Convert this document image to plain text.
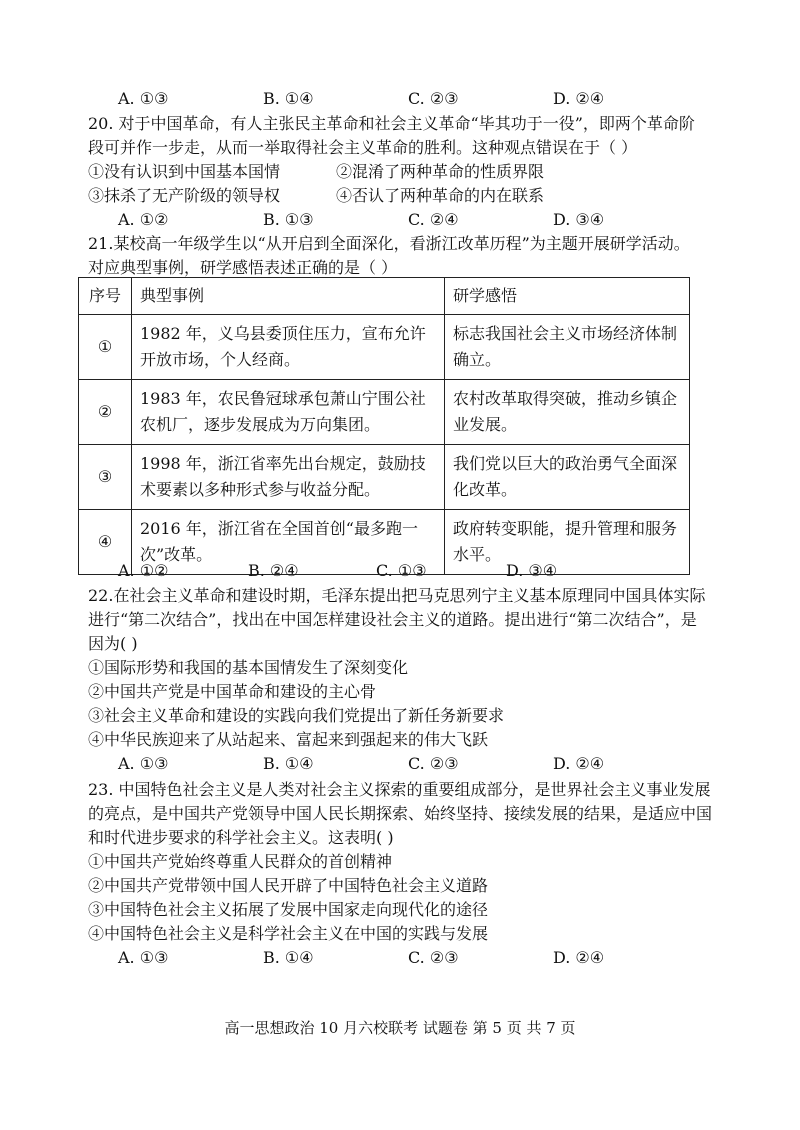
A. ①③	B. ①④	C. ②③	D. ②④
20. 对于中国革命，有人主张民主革命和社会主义革命“毕其功于一役”，即两个革命阶
段可并作一步走，从而一举取得社会主义革命的胜利。这种观点错误在于（ ）
①没有认识到中国基本国情	②混淆了两种革命的性质界限
③抹杀了无产阶级的领导权	④否认了两种革命的内在联系
A. ①②	B. ①③	C. ②④	D. ③④
21.某校高一年级学生以“从开启到全面深化，看浙江改革历程”为主题开展研学活动。
对应典型事例，研学感悟表述正确的是（ ）
序号	典型事例	研学感悟
①	1982 年，义乌县委顶住压力，宣布允许开放市场，个人经商。	标志我国社会主义市场经济体制确立。
②	1983 年，农民鲁冠球承包萧山宁围公社农机厂，逐步发展成为万向集团。	农村改革取得突破，推动乡镇企业发展。
③	1998 年，浙江省率先出台规定，鼓励技术要素以多种形式参与收益分配。	我们党以巨大的政治勇气全面深化改革。
④	2016 年，浙江省在全国首创“最多跑一次”改革。	政府转变职能，提升管理和服务水平。
A. ①②	B. ②④	C. ①③	D. ③④
22.在社会主义革命和建设时期，毛泽东提出把马克思列宁主义基本原理同中国具体实际
进行“第二次结合”，找出在中国怎样建设社会主义的道路。提出进行“第二次结合”，是
因为( )
①国际形势和我国的基本国情发生了深刻变化
②中国共产党是中国革命和建设的主心骨
③社会主义革命和建设的实践向我们党提出了新任务新要求
④中华民族迎来了从站起来、富起来到强起来的伟大飞跃
A. ①③	B. ①④	C. ②③	D. ②④
23. 中国特色社会主义是人类对社会主义探索的重要组成部分，是世界社会主义事业发展
的亮点，是中国共产党领导中国人民长期探索、始终坚持、接续发展的结果，是适应中国
和时代进步要求的科学社会主义。这表明( )
①中国共产党始终尊重人民群众的首创精神
②中国共产党带领中国人民开辟了中国特色社会主义道路
③中国特色社会主义拓展了发展中国家走向现代化的途径
④中国特色社会主义是科学社会主义在中国的实践与发展
A. ①③	B. ①④	C. ②③	D. ②④
高一思想政治 10 月六校联考 试题卷 第 5 页 共 7 页
